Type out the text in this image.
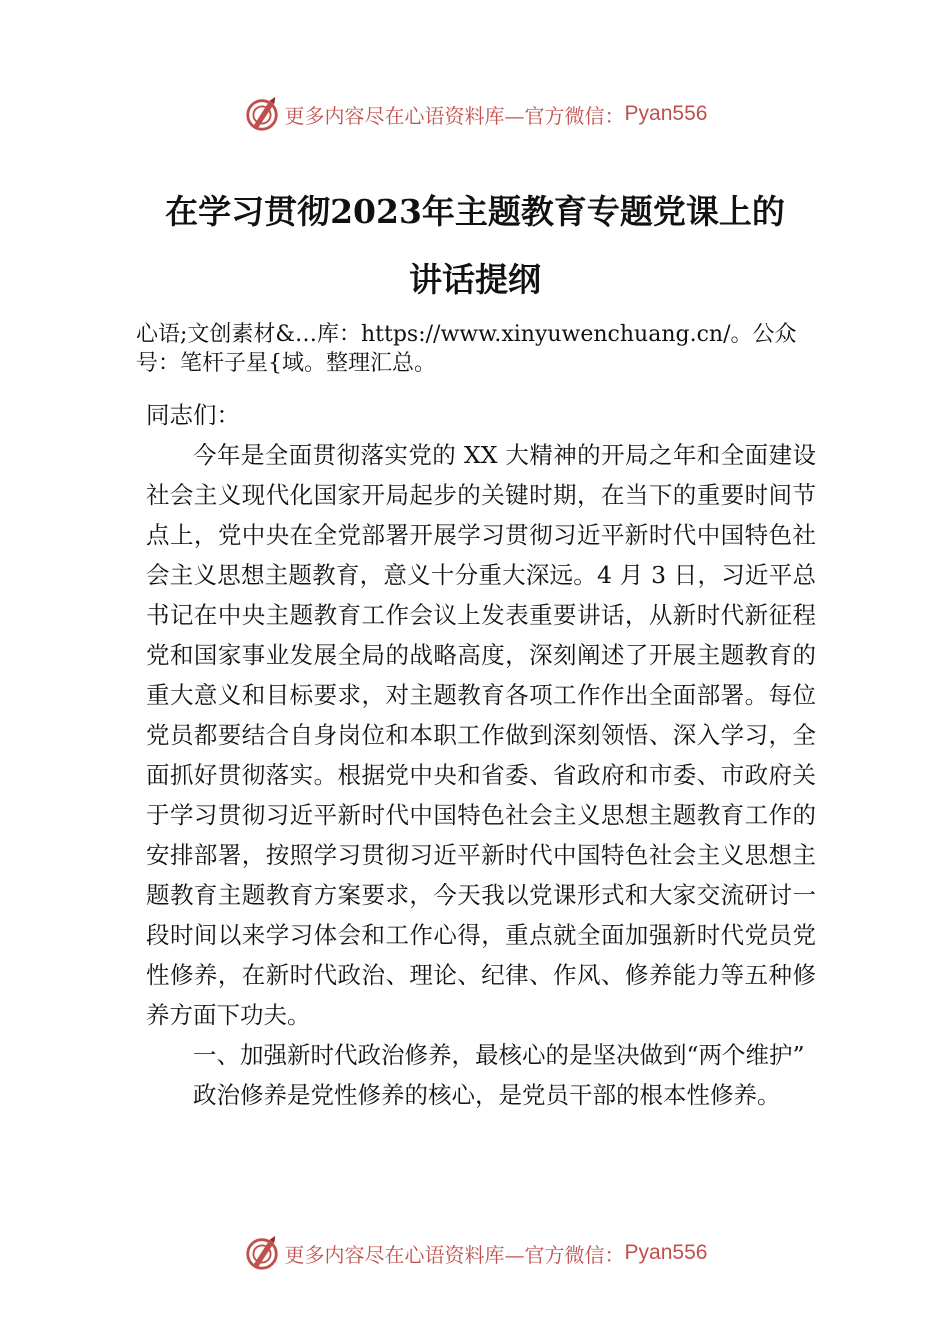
更多内容尽在心语资料库—官方微信： Pyan556
在学习贯彻2023年主题教育专题党课上的
讲话提纲

心语;文创素材&…库：https://www.xinyuwenchuang.cn/。公众号：笔杆子星{域。整理汇总。

同志们：

今年是全面贯彻落实党的 XX 大精神的开局之年和全面建设社会主义现代化国家开局起步的关键时期，在当下的重要时间节点上，党中央在全党部署开展学习贯彻习近平新时代中国特色社会主义思想主题教育，意义十分重大深远。4 月 3 日，习近平总书记在中央主题教育工作会议上发表重要讲话，从新时代新征程党和国家事业发展全局的战略高度，深刻阐述了开展主题教育的重大意义和目标要求，对主题教育各项工作作出全面部署。每位党员都要结合自身岗位和本职工作做到深刻领悟、深入学习，全面抓好贯彻落实。根据党中央和省委、省政府和市委、市政府关于学习贯彻习近平新时代中国特色社会主义思想主题教育工作的安排部署，按照学习贯彻习近平新时代中国特色社会主义思想主题教育主题教育方案要求，今天我以党课形式和大家交流研讨一段时间以来学习体会和工作心得，重点就全面加强新时代党员党性修养，在新时代政治、理论、纪律、作风、修养能力等五种修养方面下功夫。

一、加强新时代政治修养，最核心的是坚决做到“两个维护”

政治修养是党性修养的核心，是党员干部的根本性修养。

更多内容尽在心语资料库—官方微信： Pyan556
